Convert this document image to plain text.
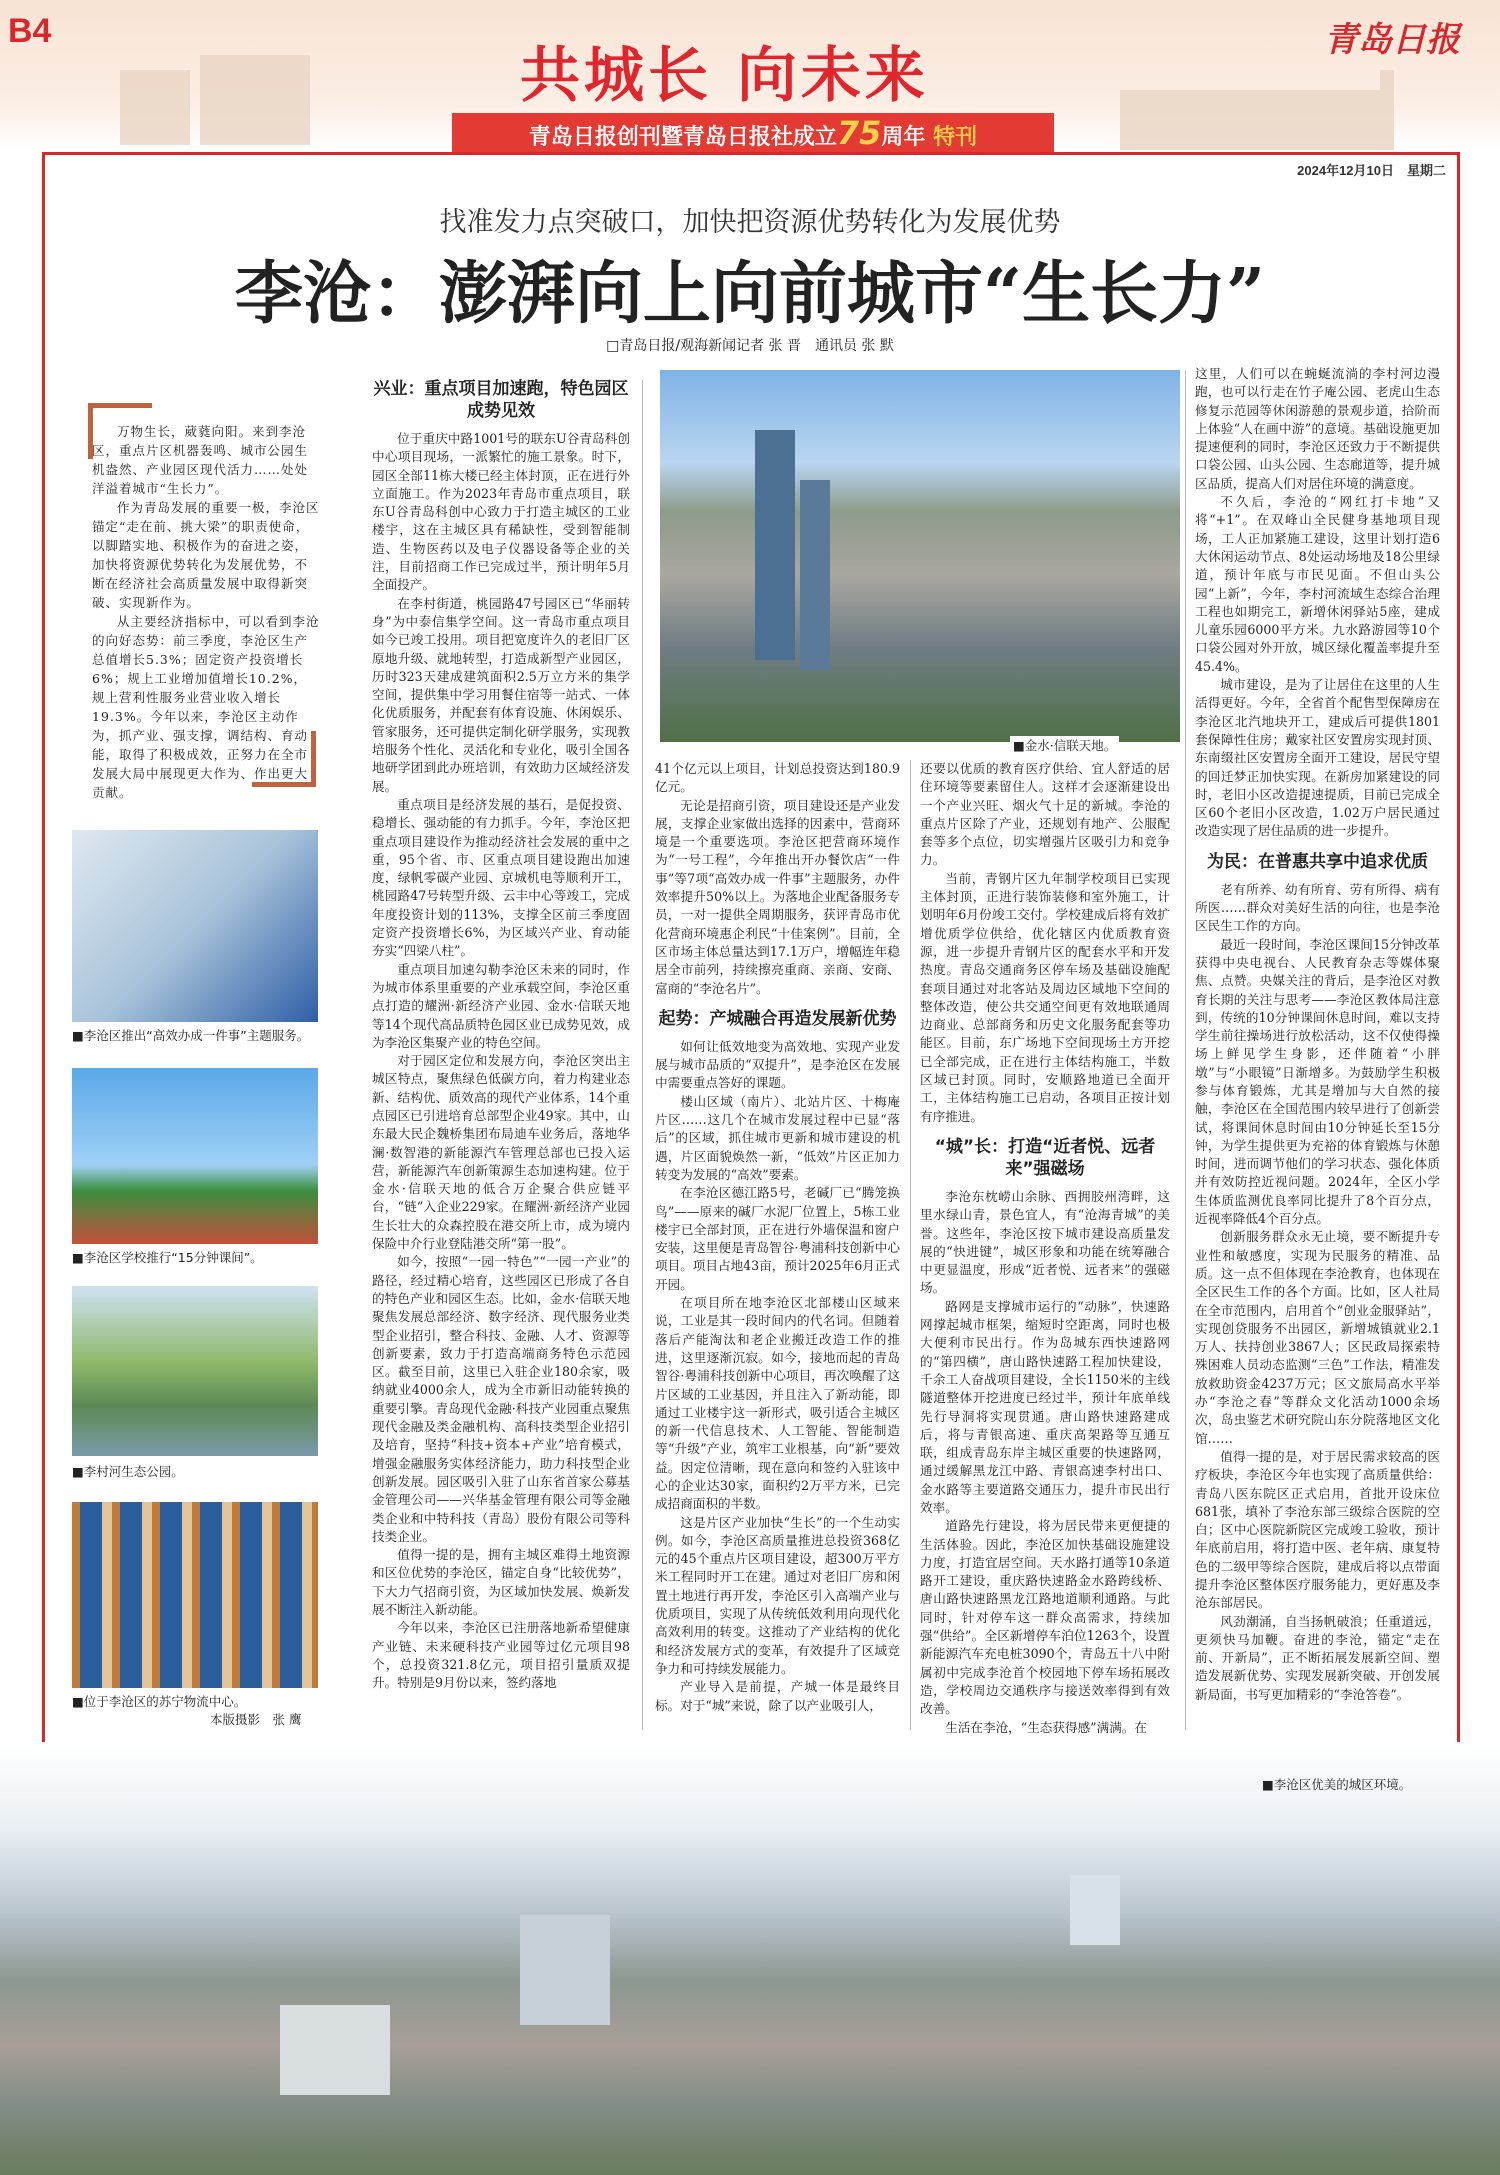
B4	青岛日报
共城长 向未来
青岛日报创刊暨青岛日报社成立75周年 特刊
2024年12月10日　星期二
找准发力点突破口，加快把资源优势转化为发展优势
李沧：澎湃向上向前城市“生长力”
□青岛日报/观海新闻记者 张 晋　通讯员 张 默

万物生长，葳蕤向阳。来到李沧区，重点片区机器轰鸣、城市公园生机盎然、产业园区现代活力……处处洋溢着城市“生长力”。

作为青岛发展的重要一极，李沧区锚定“走在前、挑大梁”的职责使命，以脚踏实地、积极作为的奋进之姿，加快将资源优势转化为发展优势，不断在经济社会高质量发展中取得新突破、实现新作为。

从主要经济指标中，可以看到李沧的向好态势：前三季度，李沧区生产总值增长5.3%；固定资产投资增长6%；规上工业增加值增长10.2%，规上营利性服务业营业收入增长19.3%。今年以来，李沧区主动作为，抓产业、强支撑，调结构、育动能，取得了积极成效，正努力在全市发展大局中展现更大作为、作出更大贡献。

■李沧区推出“高效办成一件事”主题服务。
■李沧区学校推行“15分钟课间”。
■李村河生态公园。
■位于李沧区的苏宁物流中心。
本版摄影　张 鹰
兴业：重点项目加速跑，特色园区成势见效

位于重庆中路1001号的联东U谷青岛科创中心项目现场，一派繁忙的施工景象。时下，园区全部11栋大楼已经主体封顶，正在进行外立面施工。作为2023年青岛市重点项目，联东U谷青岛科创中心致力于打造主城区的工业楼宇，这在主城区具有稀缺性，受到智能制造、生物医药以及电子仪器设备等企业的关注，目前招商工作已完成过半，预计明年5月全面投产。

在李村街道，桃园路47号园区已“华丽转身”为中泰信集学空间。这一青岛市重点项目如今已竣工投用。项目把宽度许久的老旧厂区原地升级、就地转型，打造成新型产业园区，历时323天建成建筑面积2.5万立方米的集学空间，提供集中学习用餐住宿等一站式、一体化优质服务，并配套有体育设施、休闲娱乐、管家服务，还可提供定制化研学服务，实现教培服务个性化、灵活化和专业化，吸引全国各地研学团到此办班培训，有效助力区域经济发展。

重点项目是经济发展的基石，是促投资、稳增长、强动能的有力抓手。今年，李沧区把重点项目建设作为推动经济社会发展的重中之重，95个省、市、区重点项目建设跑出加速度，绿帆零碳产业园、京城机电等顺利开工，桃园路47号转型升级、云丰中心等竣工，完成年度投资计划的113%，支撑全区前三季度固定资产投资增长6%，为区域兴产业、育动能夯实“四梁八柱”。

重点项目加速勾勒李沧区未来的同时，作为城市体系里重要的产业承载空间，李沧区重点打造的耀洲·新经济产业园、金水·信联天地等14个现代高品质特色园区业已成势见效，成为李沧区集聚产业的特色空间。

对于园区定位和发展方向，李沧区突出主城区特点，聚焦绿色低碳方向，着力构建业态新、结构优、质效高的现代产业体系，14个重点园区已引进培育总部型企业49家。其中，山东最大民企魏桥集团布局迪车业务后，落地华澜·数智港的新能源汽车管理总部也已投入运营，新能源汽车创新策源生态加速构建。位于金水·信联天地的低合万企聚合供应链平台，“链”入企业229家。在耀洲·新经济产业园生长壮大的众森控股在港交所上市，成为境内保险中介行业登陆港交所“第一股”。

如今，按照“一园一特色”“一园一产业”的路径，经过精心培育，这些园区已形成了各自的特色产业和园区生态。比如，金水·信联天地聚焦发展总部经济、数字经济、现代服务业类型企业招引，整合科技、金融、人才、资源等创新要素，致力于打造高端商务特色示范园区。截至目前，这里已入驻企业180余家，吸纳就业4000余人，成为全市新旧动能转换的重要引擎。青岛现代金融·科技产业园重点聚焦现代金融及类金融机构、高科技类型企业招引及培育，坚持“科技+资本+产业”培育模式，增强金融服务实体经济能力，助力科技型企业创新发展。园区吸引入驻了山东省首家公募基金管理公司——兴华基金管理有限公司等金融类企业和中特科技（青岛）股份有限公司等科技类企业。

值得一提的是，拥有主城区难得土地资源和区位优势的李沧区，锚定自身“比较优势”，下大力气招商引资，为区域加快发展、焕新发展不断注入新动能。

今年以来，李沧区已注册落地新希望健康产业链、未来硬科技产业园等过亿元项目98个，总投资321.8亿元，项目招引量质双提升。特别是9月份以来，签约落地

■金水·信联天地。

41个亿元以上项目，计划总投资达到180.9亿元。

无论是招商引资，项目建设还是产业发展，支撑企业家做出选择的因素中，营商环境是一个重要选项。李沧区把营商环境作为“一号工程”，今年推出开办餐饮店“一件事”等7项“高效办成一件事”主题服务，办件效率提升50%以上。为落地企业配备服务专员，一对一提供全周期服务，获评青岛市优化营商环境惠企利民“十佳案例”。目前，全区市场主体总量达到17.1万户，增幅连年稳居全市前列，持续擦亮重商、亲商、安商、富商的“李沧名片”。

起势：产城融合再造发展新优势

如何让低效地变为高效地、实现产业发展与城市品质的“双提升”，是李沧区在发展中需要重点答好的课题。

楼山区域（南片）、北站片区、十梅庵片区……这几个在城市发展过程中已显“落后”的区域，抓住城市更新和城市建设的机遇，片区面貌焕然一新，“低效”片区正加力转变为发展的“高效”要素。

在李沧区德江路5号，老碱厂已“腾笼换鸟”——原来的碱厂水泥厂位置上，5栋工业楼宇已全部封顶，正在进行外墙保温和窗户安装，这里便是青岛智谷·粤浦科技创新中心项目。项目占地43亩，预计2025年6月正式开园。

在项目所在地李沧区北部楼山区域来说，工业是其一段时间内的代名词。但随着落后产能淘汰和老企业搬迁改造工作的推进，这里逐渐沉寂。如今，接地而起的青岛智谷·粤浦科技创新中心项目，再次唤醒了这片区域的工业基因，并且注入了新动能，即通过工业楼宇这一新形式，吸引适合主城区的新一代信息技术、人工智能、智能制造等“升级”产业，筑牢工业根基，向“新”要效益。因定位清晰，现在意向和签约入驻该中心的企业达30家，面积约2万平方米，已完成招商面积的半数。

这是片区产业加快“生长”的一个生动实例。如今，李沧区高质量推进总投资368亿元的45个重点片区项目建设，超300万平方米工程同时开工在建。通过对老旧厂房和闲置土地进行再开发，李沧区引入高端产业与优质项目，实现了从传统低效利用向现代化高效利用的转变。这推动了产业结构的优化和经济发展方式的变革，有效提升了区域竞争力和可持续发展能力。

产业导入是前提，产城一体是最终目标。对于“城”来说，除了以产业吸引人，

还要以优质的教育医疗供给、宜人舒适的居住环境等要素留住人。这样才会逐渐建设出一个产业兴旺、烟火气十足的新城。李沧的重点片区除了产业，还规划有地产、公服配套等多个点位，切实增强片区吸引力和竞争力。

当前，青钢片区九年制学校项目已实现主体封顶，正进行装饰装修和室外施工，计划明年6月份竣工交付。学校建成后将有效扩增优质学位供给，优化辖区内优质教育资源，进一步提升青钢片区的配套水平和开发热度。青岛交通商务区停车场及基础设施配套项目通过对北客站及周边区域地下空间的整体改造，使公共交通空间更有效地联通周边商业、总部商务和历史文化服务配套等功能区。目前，东广场地下空间现场土方开挖已全部完成，正在进行主体结构施工，半数区域已封顶。同时，安顺路地道已全面开工，主体结构施工已启动，各项目正按计划有序推进。

“城”长：打造“近者悦、远者来”强磁场

李沧东枕崂山余脉、西拥胶州湾畔，这里水绿山青，景色宜人，有“沧海青城”的美誉。这些年，李沧区按下城市建设高质量发展的“快进键”，城区形象和功能在统筹融合中更显温度，形成“近者悦、远者来”的强磁场。

路网是支撑城市运行的“动脉”，快速路网撑起城市框架，缩短时空距离，同时也极大便利市民出行。作为岛城东西快速路网的“第四横”，唐山路快速路工程加快建设，千余工人奋战项目建设，全长1150米的主线隧道整体开挖进度已经过半，预计年底单线先行导洞将实现贯通。唐山路快速路建成后，将与青银高速、重庆高架路等互通互联，组成青岛东岸主城区重要的快速路网，通过缓解黑龙江中路、青银高速李村出口、金水路等主要道路交通压力，提升市民出行效率。

道路先行建设，将为居民带来更便捷的生活体验。因此，李沧区加快基础设施建设力度，打造宜居空间。天水路打通等10条道路开工建设，重庆路快速路金水路跨线桥、唐山路快速路黑龙江路地道顺利通路。与此同时，针对停车这一群众高需求，持续加强“供给”。全区新增停车泊位1263个，设置新能源汽车充电桩3090个，青岛五十八中附属初中完成李沧首个校园地下停车场拓展改造，学校周边交通秩序与接送效率得到有效改善。

生活在李沧，“生态获得感”满满。在

这里，人们可以在蜿蜒流淌的李村河边漫跑，也可以行走在竹子庵公园、老虎山生态修复示范园等休闲游憩的景观步道，拾阶而上体验“人在画中游”的意境。基础设施更加提速便利的同时，李沧区还致力于不断提供口袋公园、山头公园、生态廊道等，提升城区品质，提高人们对居住环境的满意度。

不久后，李沧的“网红打卡地”又将“+1”。在双峰山全民健身基地项目现场，工人正加紧施工建设，这里计划打造6大休闲运动节点、8处运动场地及18公里绿道，预计年底与市民见面。不但山头公园“上新”，今年，李村河流域生态综合治理工程也如期完工，新增休闲驿站5座，建成儿童乐园6000平方米。九水路游园等10个口袋公园对外开放，城区绿化覆盖率提升至45.4%。

城市建设，是为了让居住在这里的人生活得更好。今年，全省首个配售型保障房在李沧区北汽地块开工，建成后可提供1801套保障性住房；戴家社区安置房实现封顶、东南缀社区安置房全面开工建设，居民守望的回迁梦正加快实现。在新房加紧建设的同时，老旧小区改造提速提质，目前已完成全区60个老旧小区改造，1.02万户居民通过改造实现了居住品质的进一步提升。

为民：在普惠共享中追求优质

老有所养、幼有所育、劳有所得、病有所医……群众对美好生活的向往，也是李沧区民生工作的方向。

最近一段时间，李沧区课间15分钟改革获得中央电视台、人民教育杂志等媒体聚焦、点赞。央媒关注的背后，是李沧区对教育长期的关注与思考——李沧区教体局注意到，传统的10分钟课间休息时间，难以支持学生前往操场进行放松活动，这不仅使得操场上鲜见学生身影，还伴随着“小胖墩”与“小眼镜”日渐增多。为鼓励学生积极参与体育锻炼，尤其是增加与大自然的接触，李沧区在全国范围内较早进行了创新尝试，将课间休息时间由10分钟延长至15分钟，为学生提供更为充裕的体育锻炼与休憩时间，进而调节他们的学习状态、强化体质并有效防控近视问题。2024年，全区小学生体质监测优良率同比提升了8个百分点，近视率降低4个百分点。

创新服务群众永无止境，要不断提升专业性和敏感度，实现为民服务的精准、品质。这一点不但体现在李沧教育，也体现在全区民生工作的各个方面。比如，区人社局在全市范围内，启用首个“创业金服驿站”，实现创贷服务不出园区，新增城镇就业2.1万人、扶持创业3867人；区民政局探索特殊困难人员动态监测“三色”工作法，精准发放救助资金4237万元；区文旅局高水平举办“李沧之春”等群众文化活动1000余场次，岛虫鉴艺术研究院山东分院落地区文化馆……

值得一提的是，对于居民需求较高的医疗板块，李沧区今年也实现了高质量供给：青岛八医东院区正式启用，首批开设床位681张，填补了李沧东部三级综合医院的空白；区中心医院新院区完成竣工验收，预计年底前启用，将打造中医、老年病、康复特色的二级甲等综合医院，建成后将以点带面提升李沧区整体医疗服务能力，更好惠及李沧东部居民。

风劲潮涌，自当扬帆破浪；任重道远，更须快马加鞭。奋进的李沧，锚定“走在前、开新局”，正不断拓展发展新空间、塑造发展新优势、实现发展新突破、开创发展新局面，书写更加精彩的“李沧答卷”。

■李沧区优美的城区环境。
